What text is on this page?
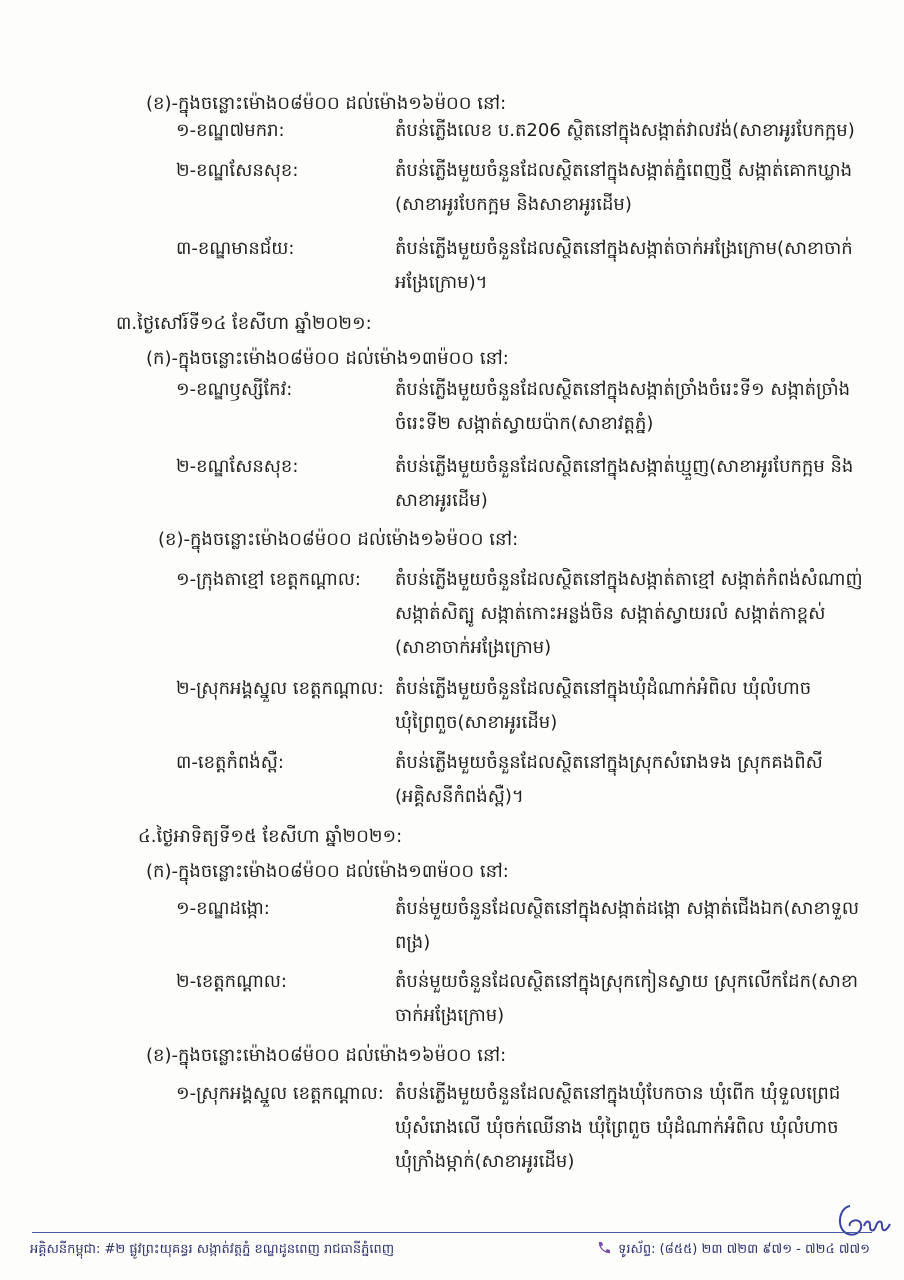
(ខ)-ក្នុងចន្លោះម៉ោង០៨ម៉០០ ដល់ម៉ោង១៦ម៉០០ នៅ:
១-ខណ្ឌ៧មករា:	តំបន់ភ្លើងលេខ ប.ត206 ស្ថិតនៅក្នុងសង្កាត់វាលវង់(សាខាអូរបែកក្អម)
២-ខណ្ឌសែនសុខ:	តំបន់ភ្លើងមួយចំនួនដែលស្ថិតនៅក្នុងសង្កាត់ភ្នំពេញថ្មី សង្កាត់គោកឃ្លាង
(សាខាអូរបែកក្អម និងសាខាអូរដើម)
៣-ខណ្ឌមានជ័យ:	តំបន់ភ្លើងមួយចំនួនដែលស្ថិតនៅក្នុងសង្កាត់ចាក់អង្រែក្រោម(សាខាចាក់
អង្រែក្រោម)។
៣.ថ្ងៃសៅរ៍ទី១៤ ខែសីហា ឆ្នាំ២០២១:
(ក)-ក្នុងចន្លោះម៉ោង០៨ម៉០០ ដល់ម៉ោង១៣ម៉០០ នៅ:
១-ខណ្ឌឫស្សីកែវ:	តំបន់ភ្លើងមួយចំនួនដែលស្ថិតនៅក្នុងសង្កាត់ច្រាំងចំរេះទី១ សង្កាត់ច្រាំង
ចំរេះទី២ សង្កាត់ស្វាយប៉ាក(សាខាវត្តភ្នំ)
២-ខណ្ឌសែនសុខ:	តំបន់ភ្លើងមួយចំនួនដែលស្ថិតនៅក្នុងសង្កាត់ឃ្មួញ(សាខាអូរបែកក្អម និង
សាខាអូរដើម)
(ខ)-ក្នុងចន្លោះម៉ោង០៨ម៉០០ ដល់ម៉ោង១៦ម៉០០ នៅ:
១-ក្រុងតាខ្មៅ ខេត្តកណ្តាល: តំបន់ភ្លើងមួយចំនួនដែលស្ថិតនៅក្នុងសង្កាត់តាខ្មៅ សង្កាត់កំពង់សំណាញ់
សង្កាត់សិត្បូ សង្កាត់កោះអន្លង់ចិន សង្កាត់ស្វាយរលំ សង្កាត់កាខ្ពស់
(សាខាចាក់អង្រែក្រោម)
២-ស្រុកអង្គស្នួល ខេត្តកណ្តាល: តំបន់ភ្លើងមួយចំនួនដែលស្ថិតនៅក្នុងឃុំដំណាក់អំពិល ឃុំលំហាច
ឃុំព្រៃពួច(សាខាអូរដើម)
៣-ខេត្តកំពង់ស្ពឺ:	តំបន់ភ្លើងមួយចំនួនដែលស្ថិតនៅក្នុងស្រុកសំរោងទង ស្រុកគងពិសី
(អគ្គិសនីកំពង់ស្ពឺ)។
៤.ថ្ងៃអាទិត្យទី១៥ ខែសីហា ឆ្នាំ២០២១:
(ក)-ក្នុងចន្លោះម៉ោង០៨ម៉០០ ដល់ម៉ោង១៣ម៉០០ នៅ:
១-ខណ្ឌដង្កោ:	តំបន់មួយចំនួនដែលស្ថិតនៅក្នុងសង្កាត់ដង្កោ សង្កាត់ជើងឯក(សាខាទួល
ពង្រ)
២-ខេត្តកណ្តាល:	តំបន់មួយចំនួនដែលស្ថិតនៅក្នុងស្រុកកៀនស្វាយ ស្រុកលើកដែក(សាខា
ចាក់អង្រែក្រោម)
(ខ)-ក្នុងចន្លោះម៉ោង០៨ម៉០០ ដល់ម៉ោង១៦ម៉០០ នៅ:
១-ស្រុកអង្គស្នួល ខេត្តកណ្តាល: តំបន់ភ្លើងមួយចំនួនដែលស្ថិតនៅក្នុងឃុំបែកចាន ឃុំពើក ឃុំទួលព្រេជ
ឃុំសំរោងលើ ឃុំចក់ឈើនាង ឃុំព្រៃពួច ឃុំដំណាក់អំពិល ឃុំលំហាច
ឃុំក្រាំងម្កាក់(សាខាអូរដើម)
អគ្គិសនីកម្ពុជា: #២ ផ្លូវព្រះយុគន្ធរ សង្កាត់វត្តភ្នំ ខណ្ឌដូនពេញ រាជធានីភ្នំពេញ	ទូរស័ព្ទ: (៨៥៥) ២៣ ៧២៣ ៩៧១ - ៧២៤ ៧៧១
